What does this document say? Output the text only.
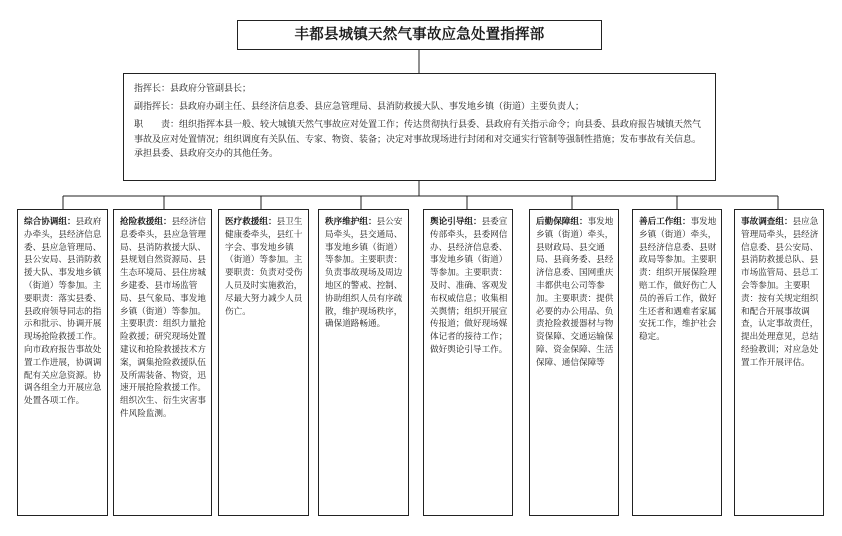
丰都县城镇天然气事故应急处置指挥部

指挥长：县政府分管副县长；

副指挥长：县政府办副主任、县经济信息委、县应急管理局、县消防救援大队、事发地乡镇（街道）主要负责人；

职　　责：组织指挥本县一般、较大城镇天然气事故应对处置工作；传达贯彻执行县委、县政府有关指示命令；向县委、县政府报告城镇天然气事故及应对处置情况；组织调度有关队伍、专家、物资、装备；决定对事故现场进行封闭和对交通实行管制等强制性措施；发布事故有关信息。承担县委、县政府交办的其他任务。

综合协调组：县政府办牵头，县经济信息委、县应急管理局、县公安局、县消防救援大队、事发地乡镇（街道）等参加。主要职责：落实县委、县政府领导同志的指示和批示、协调开展现场抢险救援工作。向市政府报告事故处置工作进展，协调调配有关应急资源。协调各组全力开展应急处置各项工作。
抢险救援组：县经济信息委牵头，县应急管理局、县消防救援大队、县规划自然资源局、县生态环境局、县住房城乡建委、县市场监管局、县气象局、事发地乡镇（街道）等参加。主要职责：组织力量抢险救援；研究现场处置建议和抢险救援技术方案，调集抢险救援队伍及所需装备、物资，迅速开展抢险救援工作。组织次生、衍生灾害事件风险监测。
医疗救援组：县卫生健康委牵头，县红十字会、事发地乡镇（街道）等参加。主要职责：负责对受伤人员及时实施救治，尽最大努力减少人员伤亡。
秩序维护组：县公安局牵头，县交通局、事发地乡镇（街道）等参加。主要职责：负责事故现场及周边地区的警戒、控制、协助组织人员有序疏散，维护现场秩序，确保道路畅通。
舆论引导组：县委宣传部牵头，县委网信办、县经济信息委、事发地乡镇（街道）等参加。主要职责：及时、准确、客观发布权威信息；收集相关舆情；组织开展宣传报道；做好现场媒体记者的接待工作；做好舆论引导工作。
后勤保障组：事发地乡镇（街道）牵头，县财政局、县交通局、县商务委、县经济信息委、国网重庆丰都供电公司等参加。主要职责：提供必要的办公用品、负责抢险救援器材与物资保障、交通运输保障、资金保障、生活保障、通信保障等
善后工作组：事发地乡镇（街道）牵头，县经济信息委、县财政局等参加。主要职责：组织开展保险理赔工作，做好伤亡人员的善后工作，做好生还者和遇难者家属安抚工作，维护社会稳定。
事故调查组：县应急管理局牵头，县经济信息委、县公安局、县消防救援总队、县市场监管局、县总工会等参加。主要职责：按有关规定组织和配合开展事故调查，认定事故责任，提出处理意见，总结经验教训；对应急处置工作开展评估。
